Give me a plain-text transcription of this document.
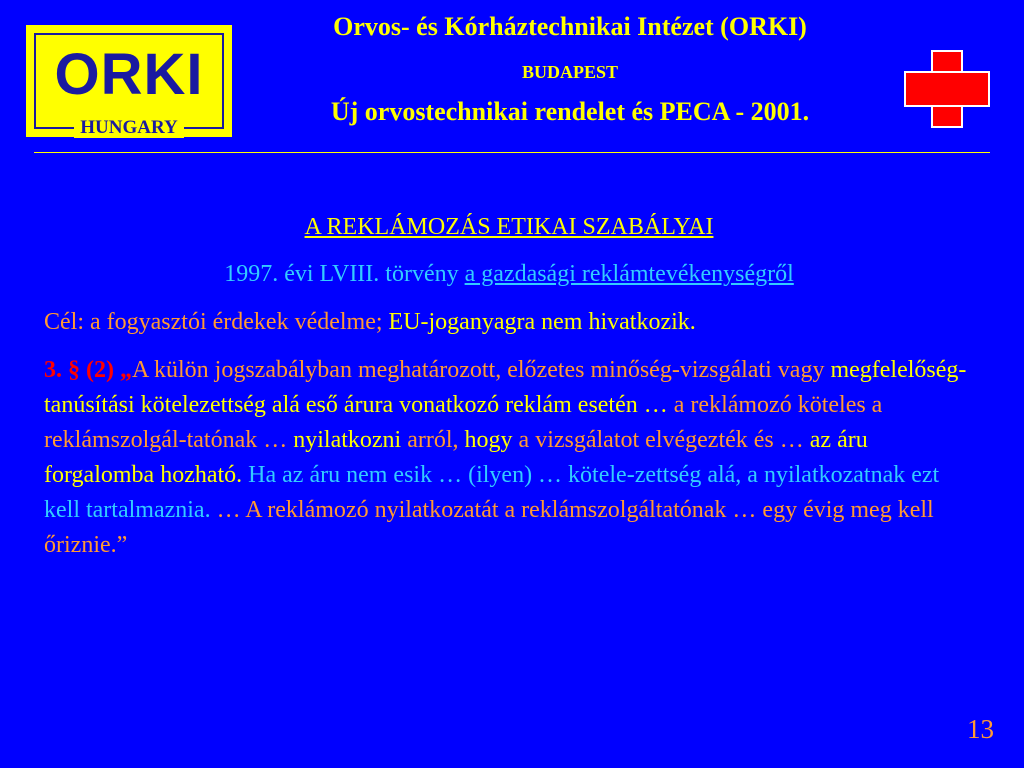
ORKI
HUNGARY
Orvos- és Kórháztechnikai Intézet (ORKI)
BUDAPEST
Új orvostechnikai rendelet és PECA - 2001.

A REKLÁMOZÁS ETIKAI SZABÁLYAI

1997. évi LVIII. törvény a gazdasági reklámtevékenységről

Cél: a fogyasztói érdekek védelme; EU-joganyagra nem hivatkozik.

3. § (2) „A külön jogszabályban meghatározott, előzetes minőség-vizsgálati vagy megfelelőség-tanúsítási kötelezettség alá eső árura vonatkozó reklám esetén … a reklámozó köteles a reklámszolgál-tatónak … nyilatkozni arról, hogy a vizsgálatot elvégezték és … az áru forgalomba hozható. Ha az áru nem esik … (ilyen) … kötele-zettség alá, a nyilatkozatnak ezt kell tartalmaznia. … A reklámozó nyilatkozatát a reklámszolgáltatónak … egy évig meg kell őriznie.”

13
